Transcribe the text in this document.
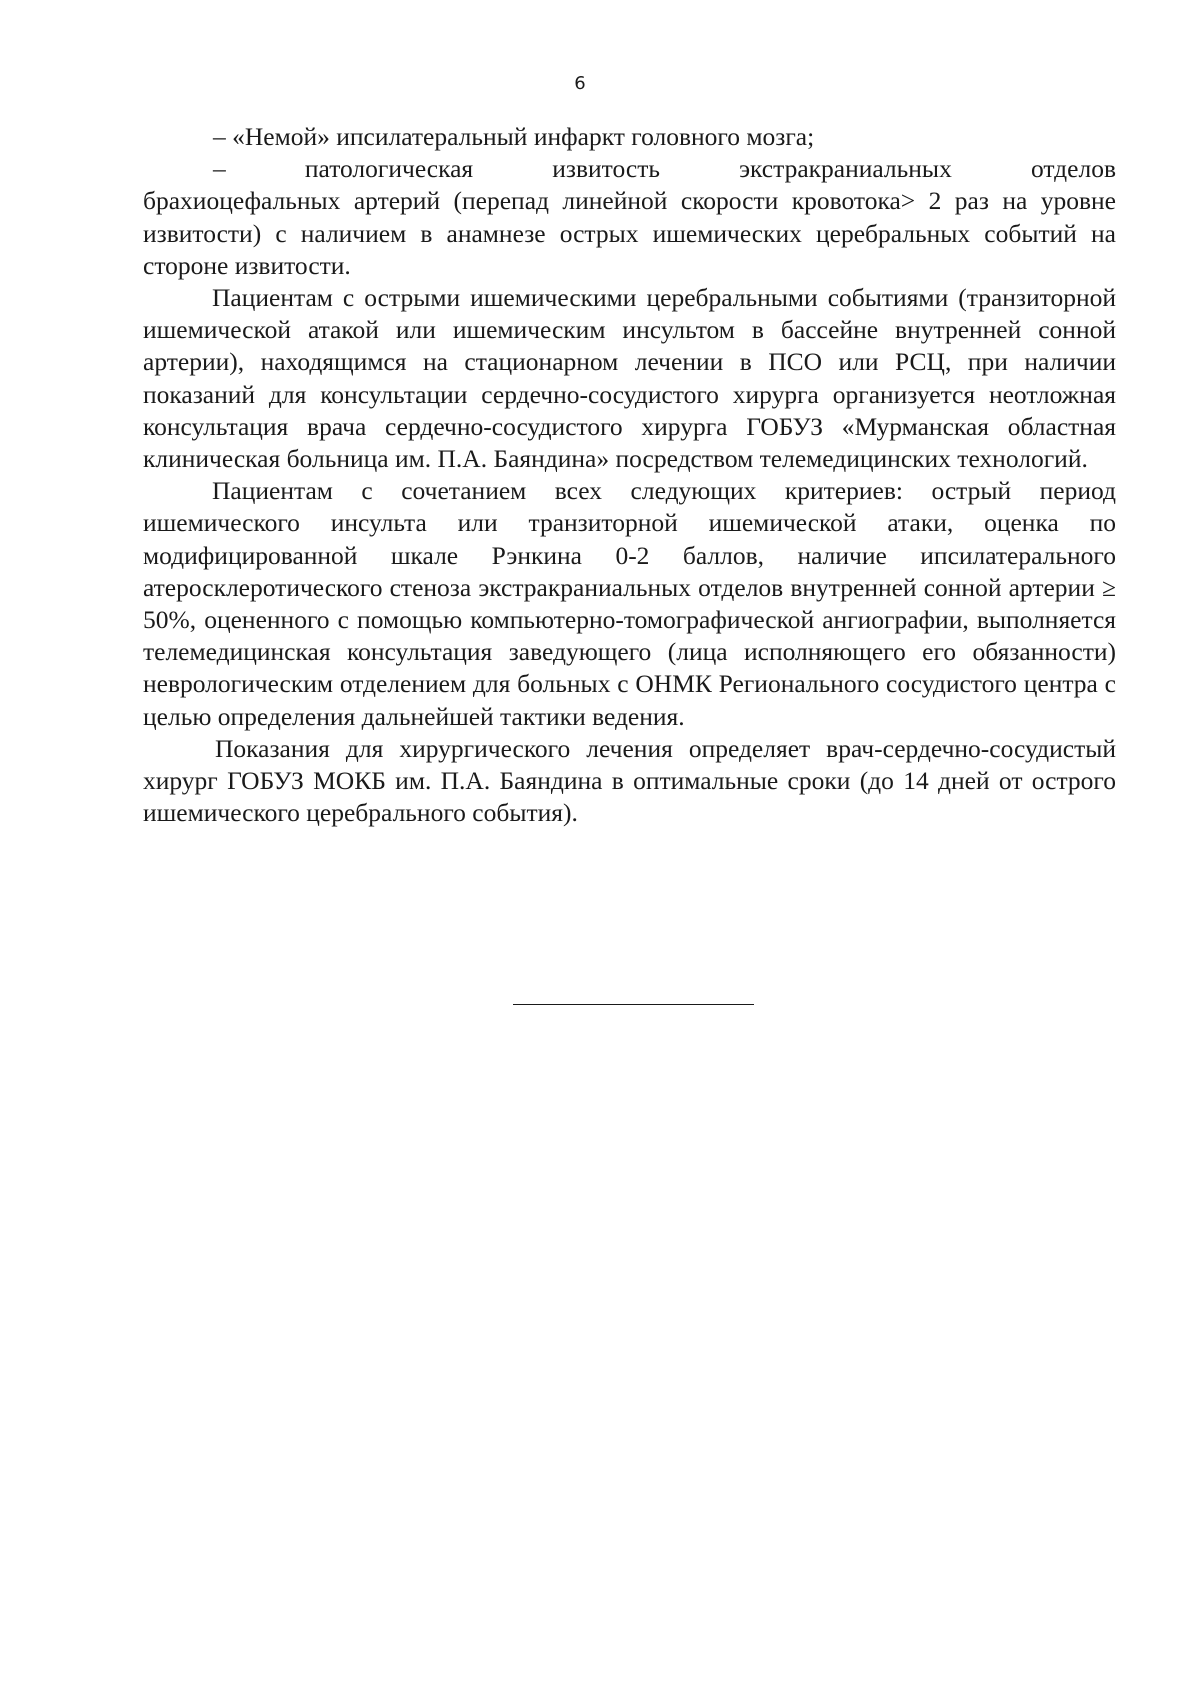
6

– «Немой» ипсилатеральный инфаркт головного мозга;

– патологическая извитость экстракраниальных отделов

брахиоцефальных артерий (перепад линейной скорости кровотока> 2 раз на уровне извитости) с наличием в анамнезе острых ишемических церебральных событий на стороне извитости.

Пациентам с острыми ишемическими церебральными событиями (транзиторной ишемической атакой или ишемическим инсультом в бассейне внутренней сонной артерии), находящимся на стационарном лечении в ПСО или РСЦ, при наличии показаний для консультации сердечно-сосудистого хирурга организуется неотложная консультация врача сердечно-сосудистого хирурга ГОБУЗ «Мурманская областная клиническая больница им. П.А. Баяндина» посредством телемедицинских технологий.

Пациентам с сочетанием всех следующих критериев: острый период ишемического инсульта или транзиторной ишемической атаки, оценка по модифицированной шкале Рэнкина 0-2 баллов, наличие ипсилатерального атеросклеротического стеноза экстракраниальных отделов внутренней сонной артерии ≥ 50%, оцененного с помощью компьютерно-томографической ангиографии, выполняется телемедицинская консультация заведующего (лица исполняющего его обязанности) неврологическим отделением для больных с ОНМК Регионального сосудистого центра с целью определения дальнейшей тактики ведения.

Показания для хирургического лечения определяет врач-сердечно-сосудистый хирург ГОБУЗ МОКБ им. П.А. Баяндина в оптимальные сроки (до 14 дней от острого ишемического церебрального события).
